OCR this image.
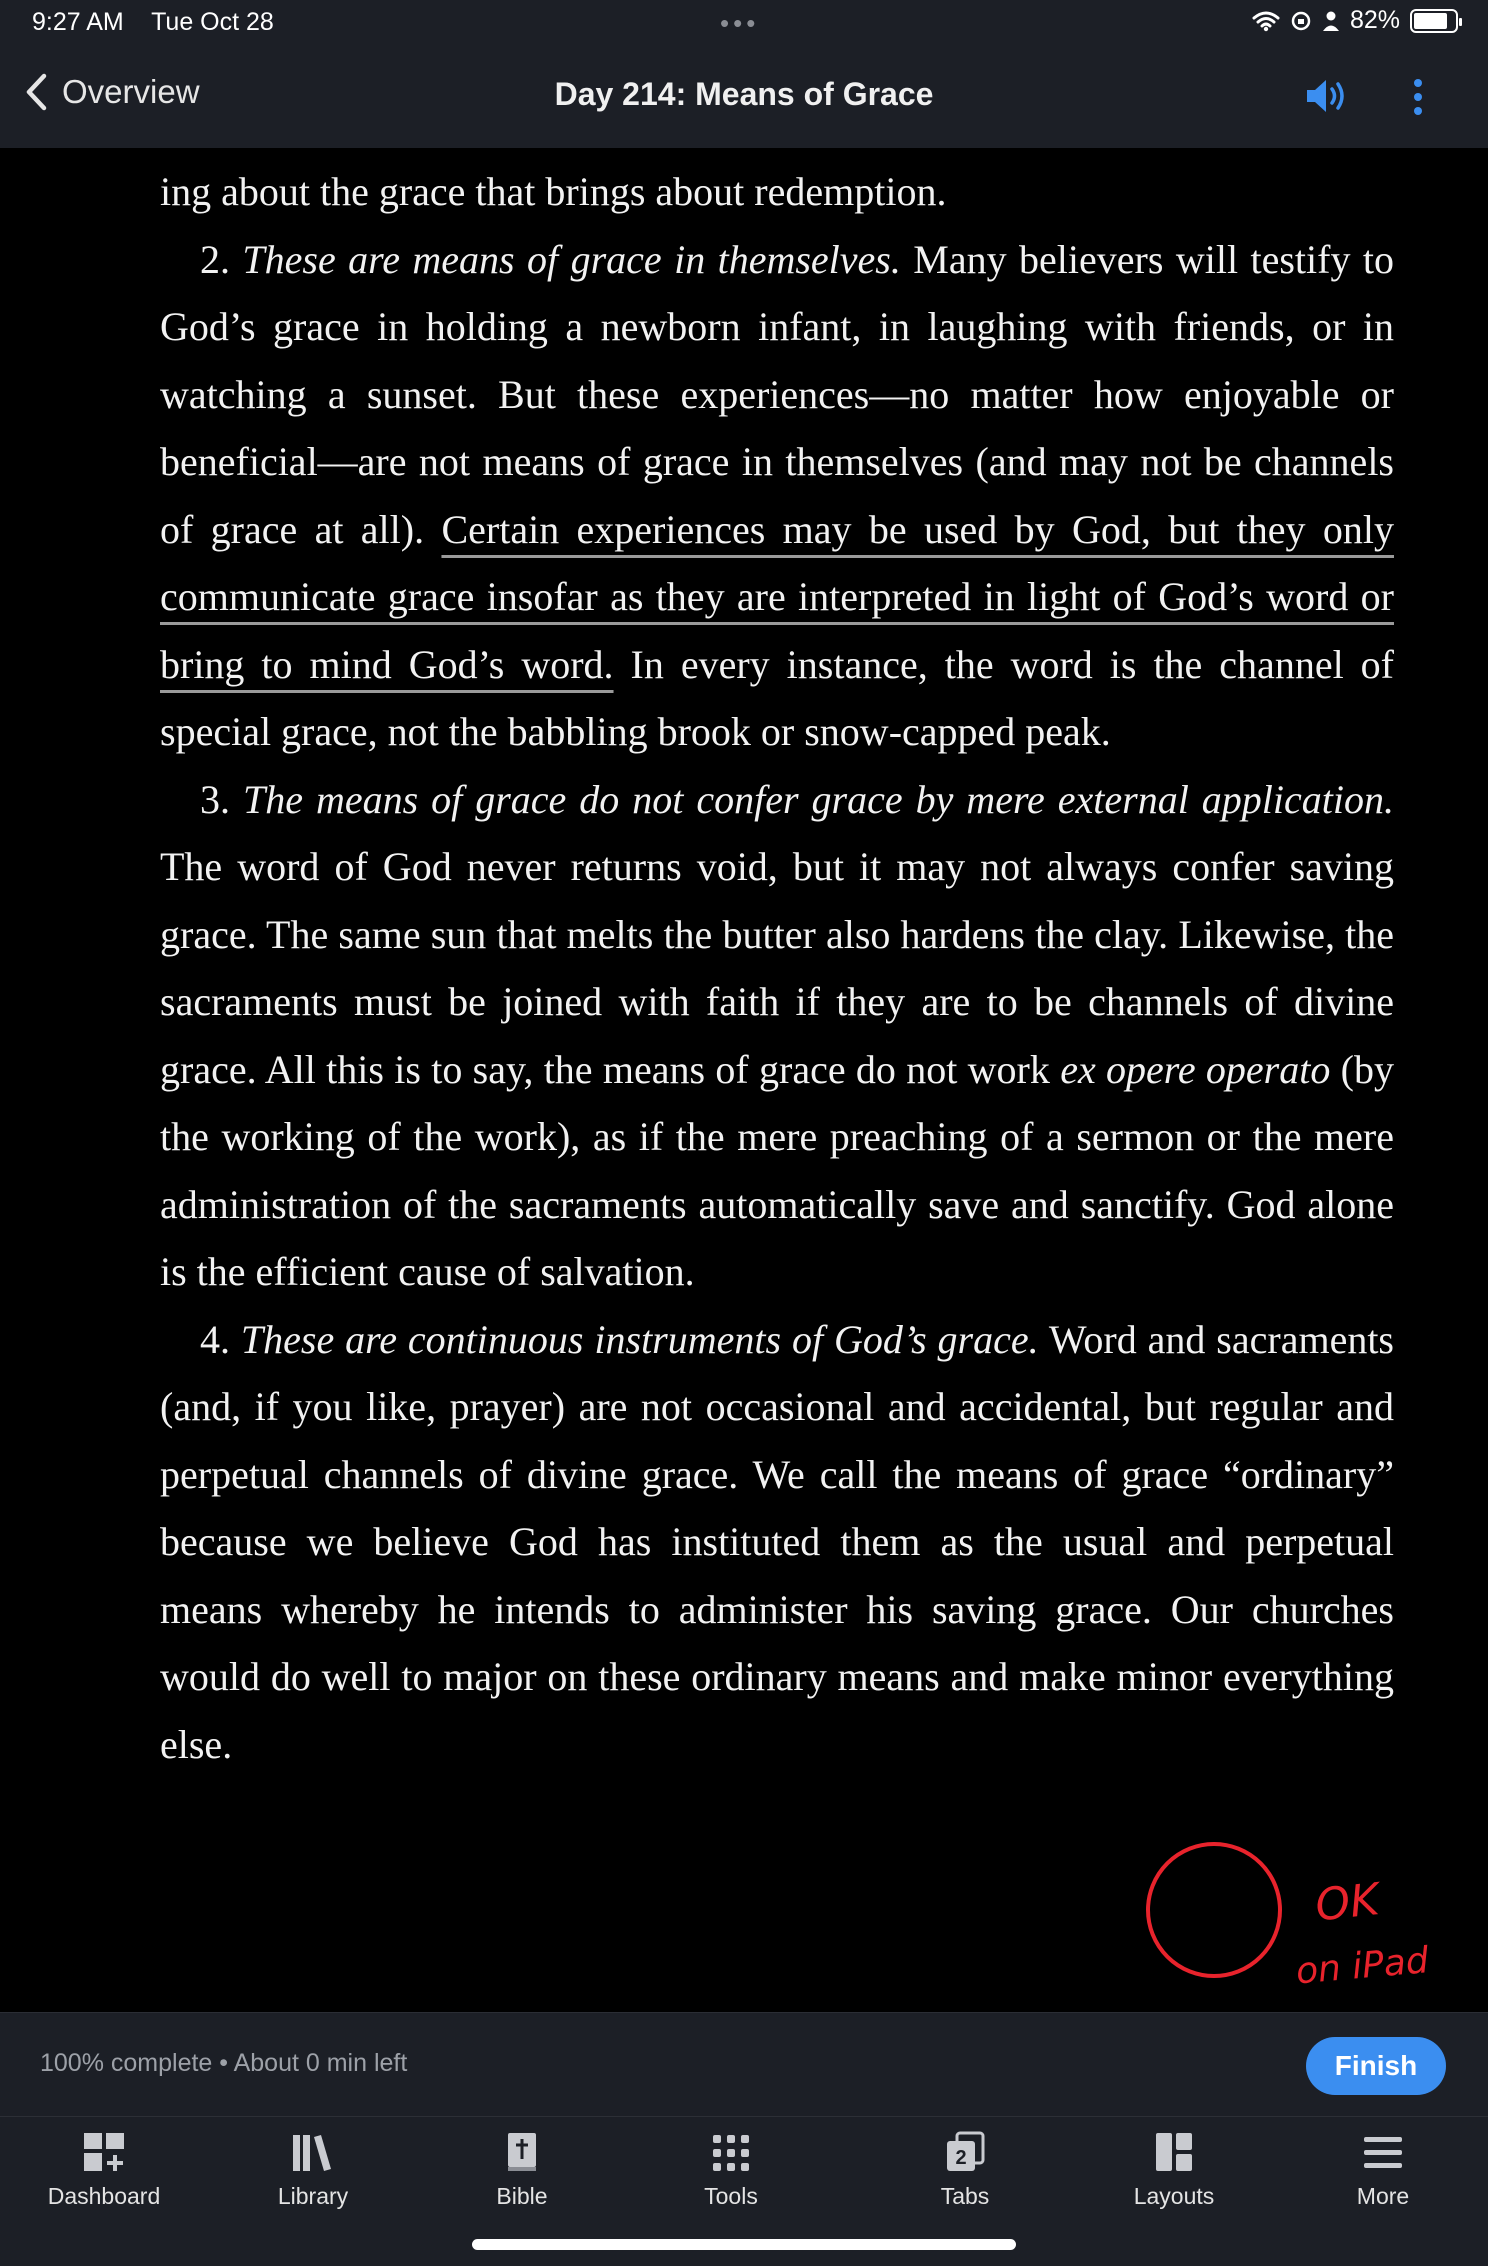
9:27 AM Tue Oct 28	•••	82%
Overview	Day 214: Means of Grace

ing about the grace that brings about redemption.

2. These are means of grace in themselves. Many believers will testify to God’s grace in holding a newborn infant, in laughing with friends, or in watching a sunset. But these experiences—no matter how enjoyable or beneficial—are not means of grace in themselves (and may not be channels of grace at all). Certain experiences may be used by God, but they only communicate grace insofar as they are interpreted in light of God’s word or bring to mind God’s word. In every instance, the word is the channel of special grace, not the babbling brook or snow-capped peak.

3. The means of grace do not confer grace by mere external application. The word of God never returns void, but it may not always confer saving grace. The same sun that melts the butter also hardens the clay. Likewise, the sacraments must be joined with faith if they are to be channels of divine grace. All this is to say, the means of grace do not work ex opere operato (by the working of the work), as if the mere preaching of a sermon or the mere administration of the sacraments automatically save and sanctify. God alone is the efficient cause of salvation.

4. These are continuous instruments of God’s grace. Word and sacraments (and, if you like, prayer) are not occasional and accidental, but regular and perpetual channels of divine grace. We call the means of grace “ordinary” because we believe God has instituted them as the usual and perpetual means whereby he intends to administer his saving grace. Our churches would do well to major on these ordinary means and make minor everything else.

OK
on iPad
100% complete • About 0 min left	Finish
Dashboard	Library	Bible	Tools
2
Tabs	Layouts	More
